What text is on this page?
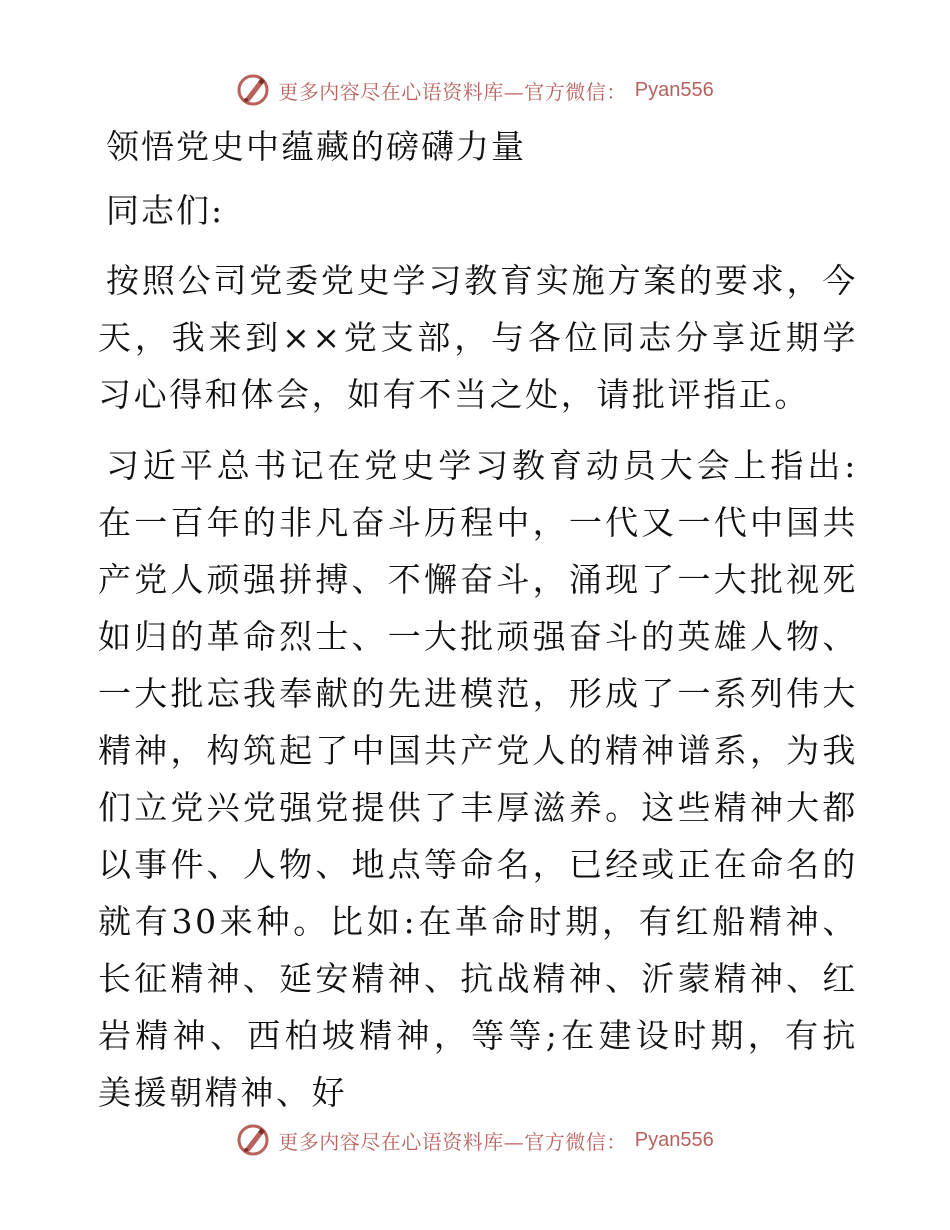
更多内容尽在心语资料库—官方微信： Pyan556
领悟党史中蕴藏的磅礴力量
同志们:

按照公司党委党史学习教育实施方案的要求，今天，我来到××党支部，与各位同志分享近期学习心得和体会，如有不当之处，请批评指正。

习近平总书记在党史学习教育动员大会上指出:在一百年的非凡奋斗历程中，一代又一代中国共产党人顽强拼搏、不懈奋斗，涌现了一大批视死如归的革命烈士、一大批顽强奋斗的英雄人物、一大批忘我奉献的先进模范，形成了一系列伟大精神，构筑起了中国共产党人的精神谱系，为我们立党兴党强党提供了丰厚滋养。这些精神大都以事件、人物、地点等命名，已经或正在命名的就有30来种。比如:在革命时期，有红船精神、长征精神、延安精神、抗战精神、沂蒙精神、红岩精神、西柏坡精神，等等;在建设时期，有抗美援朝精神、好

更多内容尽在心语资料库—官方微信： Pyan556
